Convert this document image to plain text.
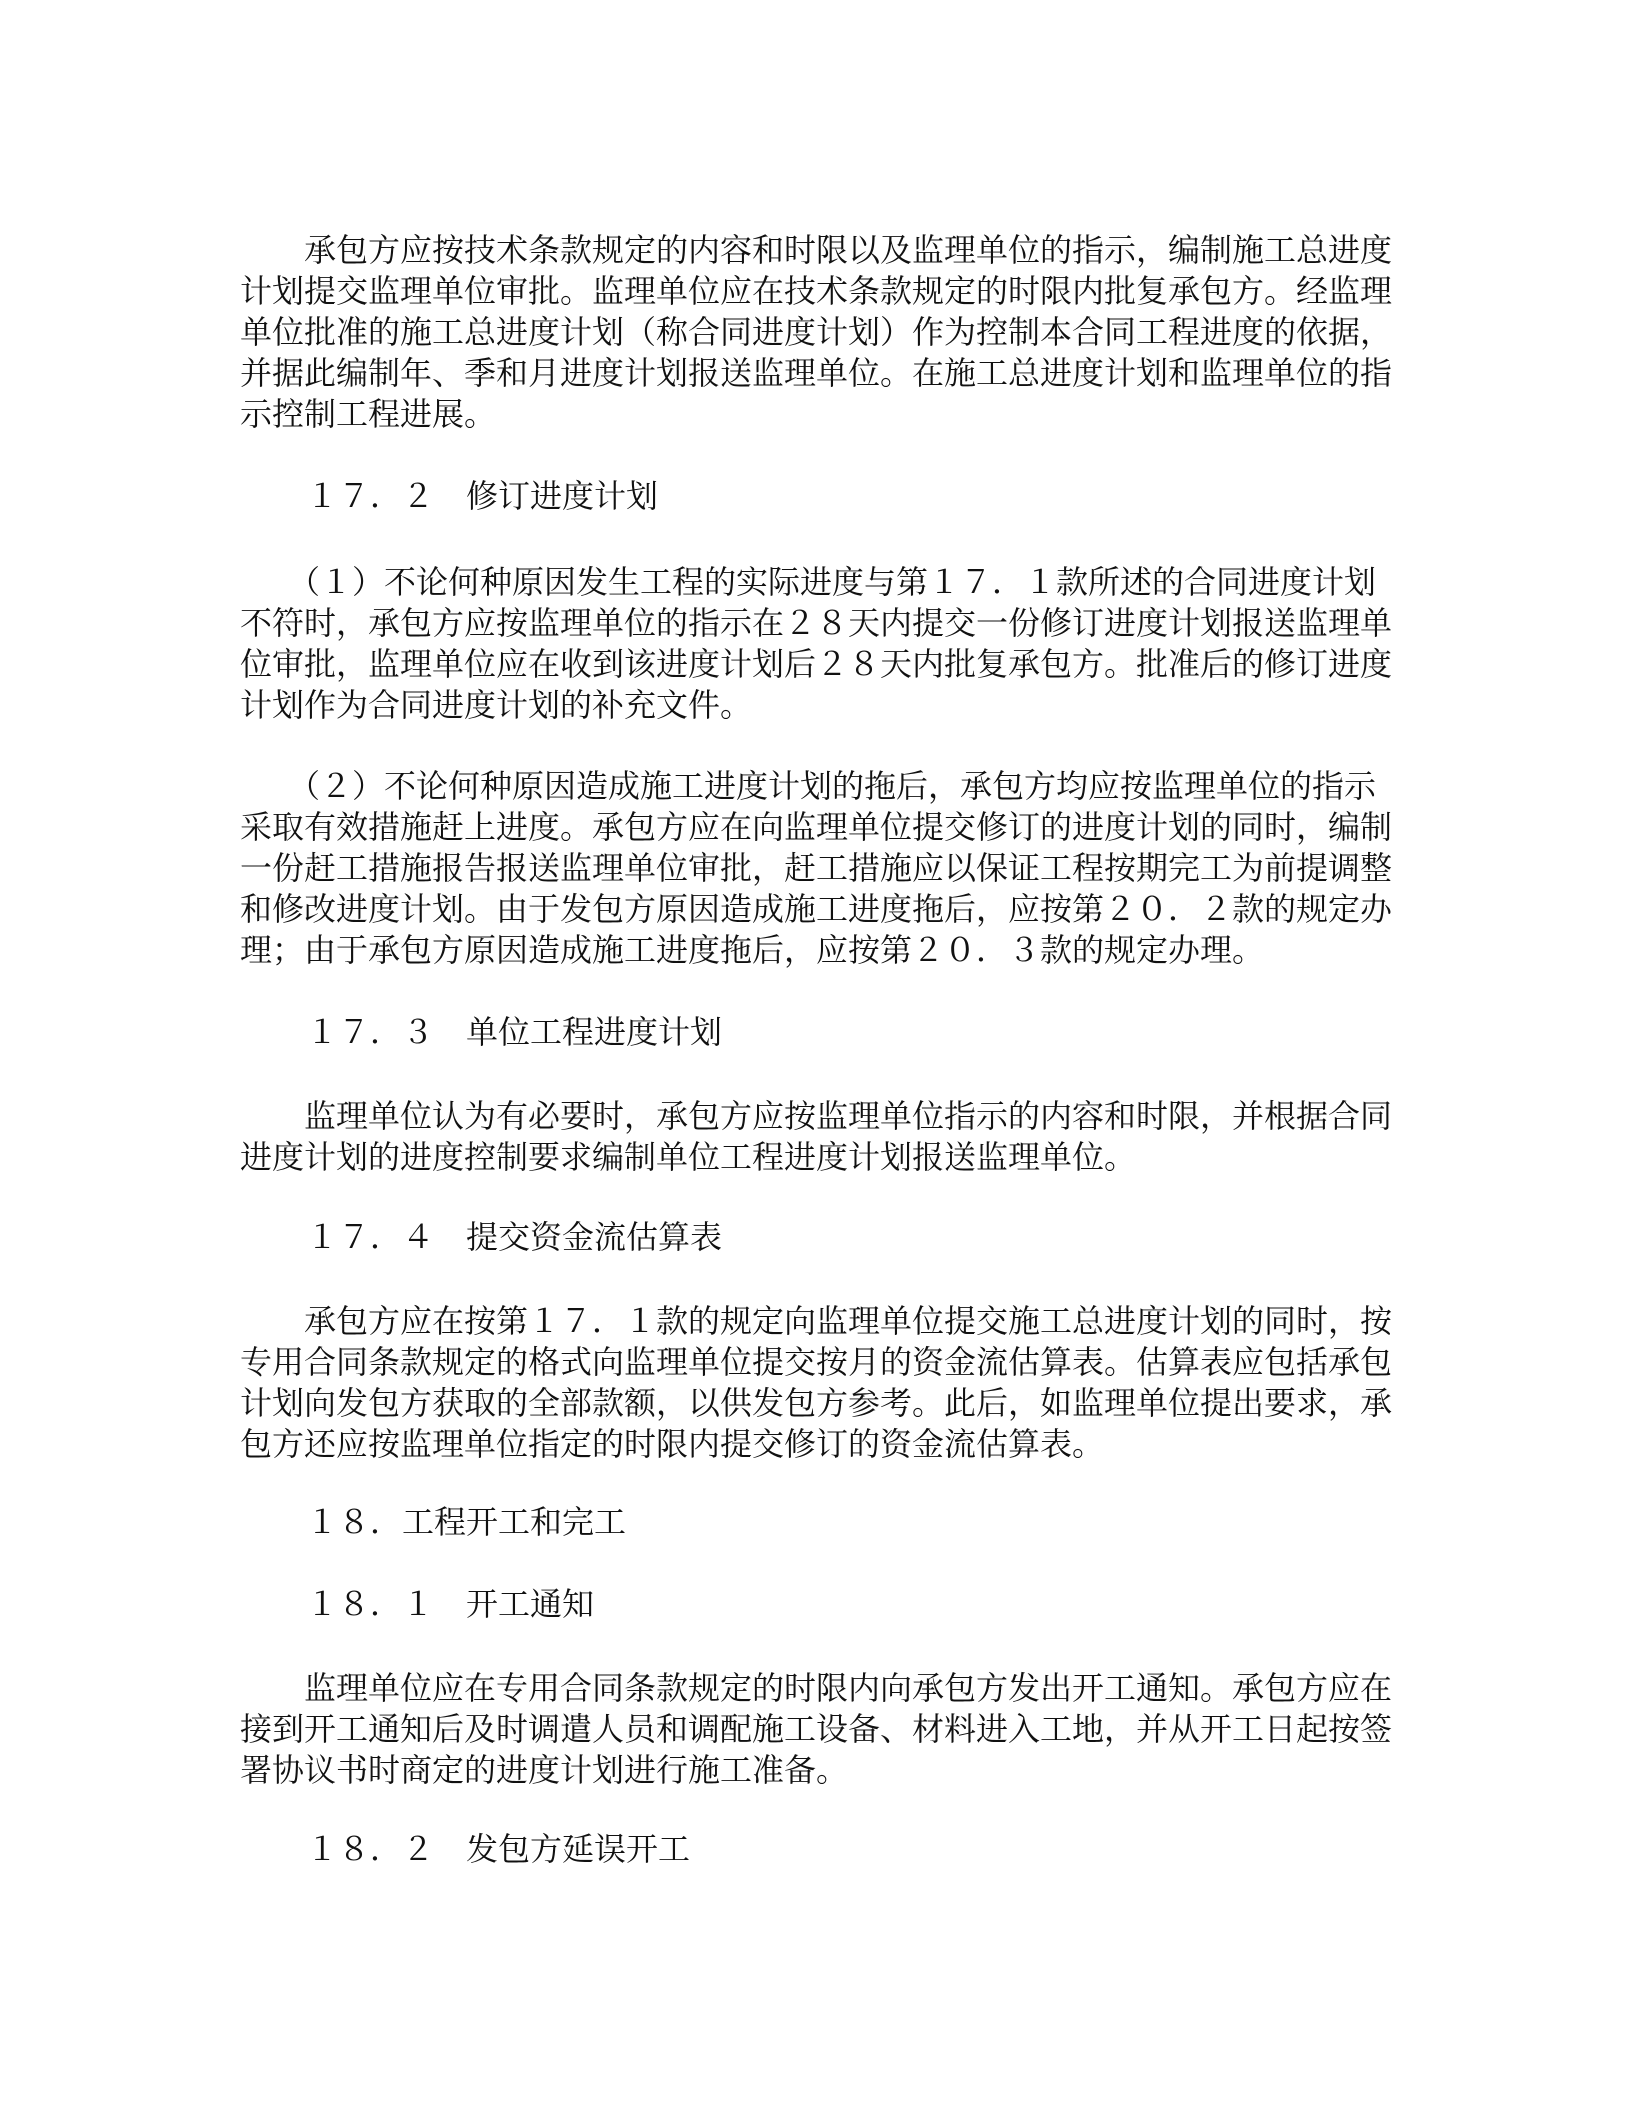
　　承包方应按技术条款规定的内容和时限以及监理单位的指示，编制施工总进度
计划提交监理单位审批。监理单位应在技术条款规定的时限内批复承包方。经监理
单位批准的施工总进度计划（称合同进度计划）作为控制本合同工程进度的依据，
并据此编制年、季和月进度计划报送监理单位。在施工总进度计划和监理单位的指
示控制工程进展。
１７．２　修订进度计划
　　（１）不论何种原因发生工程的实际进度与第１７．１款所述的合同进度计划
不符时，承包方应按监理单位的指示在２８天内提交一份修订进度计划报送监理单
位审批，监理单位应在收到该进度计划后２８天内批复承包方。批准后的修订进度
计划作为合同进度计划的补充文件。
　　（２）不论何种原因造成施工进度计划的拖后，承包方均应按监理单位的指示
采取有效措施赶上进度。承包方应在向监理单位提交修订的进度计划的同时，编制
一份赶工措施报告报送监理单位审批，赶工措施应以保证工程按期完工为前提调整
和修改进度计划。由于发包方原因造成施工进度拖后，应按第２０．２款的规定办
理；由于承包方原因造成施工进度拖后，应按第２０．３款的规定办理。
１７．３　单位工程进度计划
　　监理单位认为有必要时，承包方应按监理单位指示的内容和时限，并根据合同
进度计划的进度控制要求编制单位工程进度计划报送监理单位。
１７．４　提交资金流估算表
　　承包方应在按第１７．１款的规定向监理单位提交施工总进度计划的同时，按
专用合同条款规定的格式向监理单位提交按月的资金流估算表。估算表应包括承包
计划向发包方获取的全部款额，以供发包方参考。此后，如监理单位提出要求，承
包方还应按监理单位指定的时限内提交修订的资金流估算表。
１８．工程开工和完工
１８．１　开工通知
　　监理单位应在专用合同条款规定的时限内向承包方发出开工通知。承包方应在
接到开工通知后及时调遣人员和调配施工设备、材料进入工地，并从开工日起按签
署协议书时商定的进度计划进行施工准备。
１８．２　发包方延误开工
